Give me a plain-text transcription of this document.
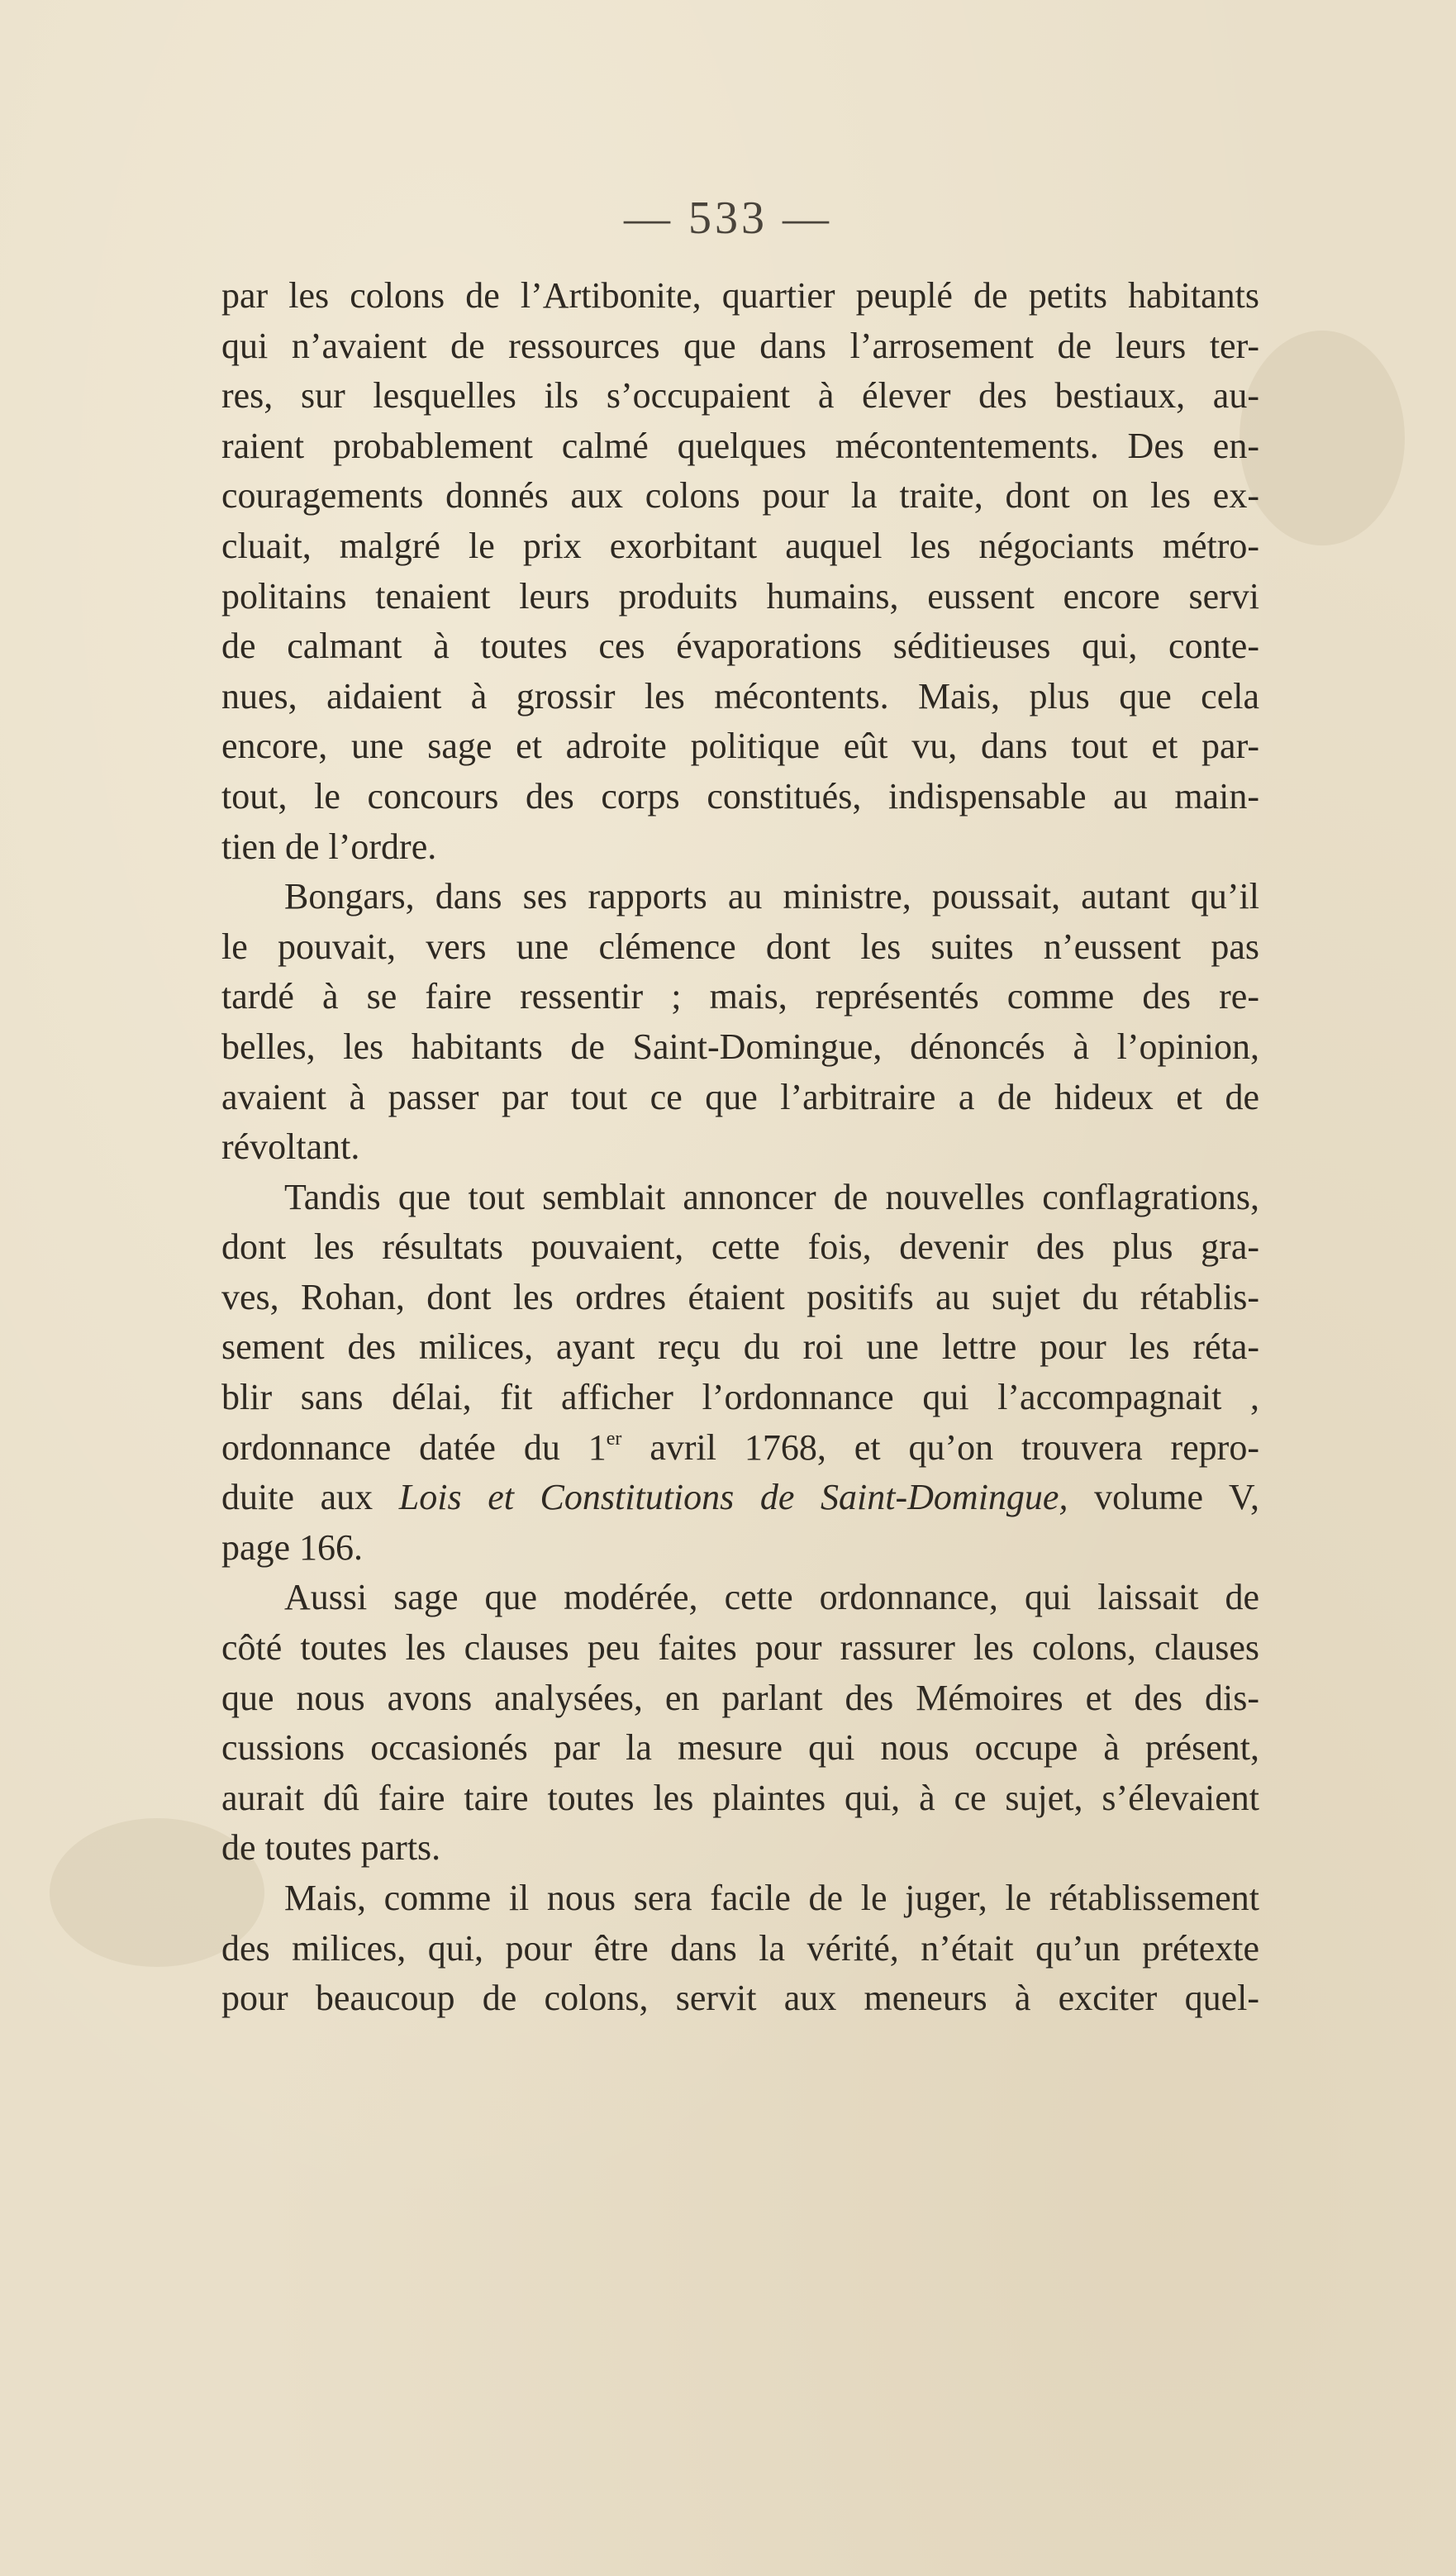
— 533 —
par les colons de l’Artibonite, quartier peuplé de petits habitants
qui n’avaient de ressources que dans l’arrosement de leurs ter-
res, sur lesquelles ils s’occupaient à élever des bestiaux, au-
raient probablement calmé quelques mécontentements. Des en-
couragements donnés aux colons pour la traite, dont on les ex-
cluait, malgré le prix exorbitant auquel les négociants métro-
politains tenaient leurs produits humains, eussent encore servi
de calmant à toutes ces évaporations séditieuses qui, conte-
nues, aidaient à grossir les mécontents. Mais, plus que cela
encore, une sage et adroite politique eût vu, dans tout et par-
tout, le concours des corps constitués, indispensable au main-
tien de l’ordre.
Bongars, dans ses rapports au ministre, poussait, autant qu’il
le pouvait, vers une clémence dont les suites n’eussent pas
tardé à se faire ressentir ; mais, représentés comme des re-
belles, les habitants de Saint-Domingue, dénoncés à l’opinion,
avaient à passer par tout ce que l’arbitraire a de hideux et de
révoltant.
Tandis que tout semblait annoncer de nouvelles conflagrations,
dont les résultats pouvaient, cette fois, devenir des plus gra-
ves, Rohan, dont les ordres étaient positifs au sujet du rétablis-
sement des milices, ayant reçu du roi une lettre pour les réta-
blir sans délai, fit afficher l’ordonnance qui l’accompagnait ,
ordonnance datée du 1er avril 1768, et qu’on trouvera repro-
duite aux Lois et Constitutions de Saint-Domingue, volume V,
page 166.
Aussi sage que modérée, cette ordonnance, qui laissait de
côté toutes les clauses peu faites pour rassurer les colons, clauses
que nous avons analysées, en parlant des Mémoires et des dis-
cussions occasionés par la mesure qui nous occupe à présent,
aurait dû faire taire toutes les plaintes qui, à ce sujet, s’élevaient
de toutes parts.
Mais, comme il nous sera facile de le juger, le rétablissement
des milices, qui, pour être dans la vérité, n’était qu’un prétexte
pour beaucoup de colons, servit aux meneurs à exciter quel-
